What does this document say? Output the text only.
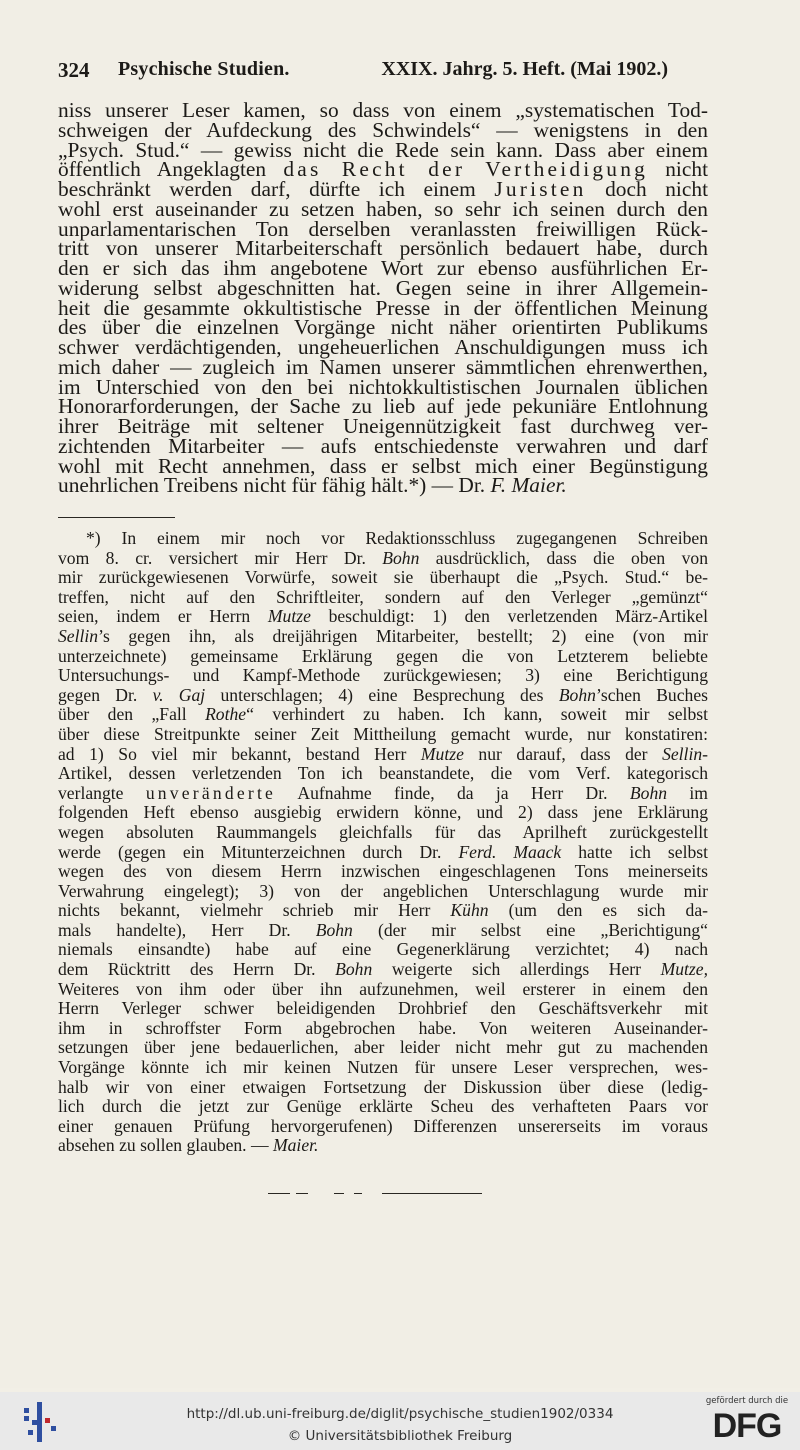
324 Psychische Studien.	XXIX. Jahrg. 5. Heft. (Mai 1902.)
niss unserer Leser kamen, so dass von einem „systematischen Tod-
schweigen der Aufdeckung des Schwindels“ — wenigstens in den
„Psych. Stud.“ — gewiss nicht die Rede sein kann. Dass aber einem
öffentlich Angeklagten das Recht der Vertheidigung nicht
beschränkt werden darf, dürfte ich einem Juristen doch nicht
wohl erst auseinander zu setzen haben, so sehr ich seinen durch den
unparlamentarischen Ton derselben veranlassten freiwilligen Rück-
tritt von unserer Mitarbeiterschaft persönlich bedauert habe, durch
den er sich das ihm angebotene Wort zur ebenso ausführlichen Er-
widerung selbst abgeschnitten hat. Gegen seine in ihrer Allgemein-
heit die gesammte okkultistische Presse in der öffentlichen Meinung
des über die einzelnen Vorgänge nicht näher orientirten Publikums
schwer verdächtigenden, ungeheuerlichen Anschuldigungen muss ich
mich daher — zugleich im Namen unserer sämmtlichen ehrenwerthen,
im Unterschied von den bei nichtokkultistischen Journalen üblichen
Honorarforderungen, der Sache zu lieb auf jede pekuniäre Entlohnung
ihrer Beiträge mit seltener Uneigennützigkeit fast durchweg ver-
zichtenden Mitarbeiter — aufs entschiedenste verwahren und darf
wohl mit Recht annehmen, dass er selbst mich einer Begünstigung
unehrlichen Treibens nicht für fähig hält.*) — Dr. F. Maier.
*) In einem mir noch vor Redaktionsschluss zugegangenen Schreiben
vom 8. cr. versichert mir Herr Dr. Bohn ausdrücklich, dass die oben von
mir zurückgewiesenen Vorwürfe, soweit sie überhaupt die „Psych. Stud.“ be-
treffen, nicht auf den Schriftleiter, sondern auf den Verleger „gemünzt“
seien, indem er Herrn Mutze beschuldigt: 1) den verletzenden März-Artikel
Sellin’s gegen ihn, als dreijährigen Mitarbeiter, bestellt; 2) eine (von mir
unterzeichnete) gemeinsame Erklärung gegen die von Letzterem beliebte
Untersuchungs- und Kampf-Methode zurückgewiesen; 3) eine Berichtigung
gegen Dr. v. Gaj unterschlagen; 4) eine Besprechung des Bohn’schen Buches
über den „Fall Rothe“ verhindert zu haben. Ich kann, soweit mir selbst
über diese Streitpunkte seiner Zeit Mittheilung gemacht wurde, nur konstatiren:
ad 1) So viel mir bekannt, bestand Herr Mutze nur darauf, dass der Sellin-
Artikel, dessen verletzenden Ton ich beanstandete, die vom Verf. kategorisch
verlangte unveränderte Aufnahme finde, da ja Herr Dr. Bohn im
folgenden Heft ebenso ausgiebig erwidern könne, und 2) dass jene Erklärung
wegen absoluten Raummangels gleichfalls für das Aprilheft zurückgestellt
werde (gegen ein Mitunterzeichnen durch Dr. Ferd. Maack hatte ich selbst
wegen des von diesem Herrn inzwischen eingeschlagenen Tons meinerseits
Verwahrung eingelegt); 3) von der angeblichen Unterschlagung wurde mir
nichts bekannt, vielmehr schrieb mir Herr Kühn (um den es sich da-
mals handelte), Herr Dr. Bohn (der mir selbst eine „Berichtigung“
niemals einsandte) habe auf eine Gegenerklärung verzichtet; 4) nach
dem Rücktritt des Herrn Dr. Bohn weigerte sich allerdings Herr Mutze,
Weiteres von ihm oder über ihn aufzunehmen, weil ersterer in einem den
Herrn Verleger schwer beleidigenden Drohbrief den Geschäftsverkehr mit
ihm in schroffster Form abgebrochen habe. Von weiteren Auseinander-
setzungen über jene bedauerlichen, aber leider nicht mehr gut zu machenden
Vorgänge könnte ich mir keinen Nutzen für unsere Leser versprechen, wes-
halb wir von einer etwaigen Fortsetzung der Diskussion über diese (ledig-
lich durch die jetzt zur Genüge erklärte Scheu des verhafteten Paars vor
einer genauen Prüfung hervorgerufenen) Differenzen unsererseits im voraus
absehen zu sollen glauben. — Maier.
http://dl.ub.uni-freiburg.de/diglit/psychische_studien1902/0334
© Universitätsbibliothek Freiburg
gefördert durch die
DFG
